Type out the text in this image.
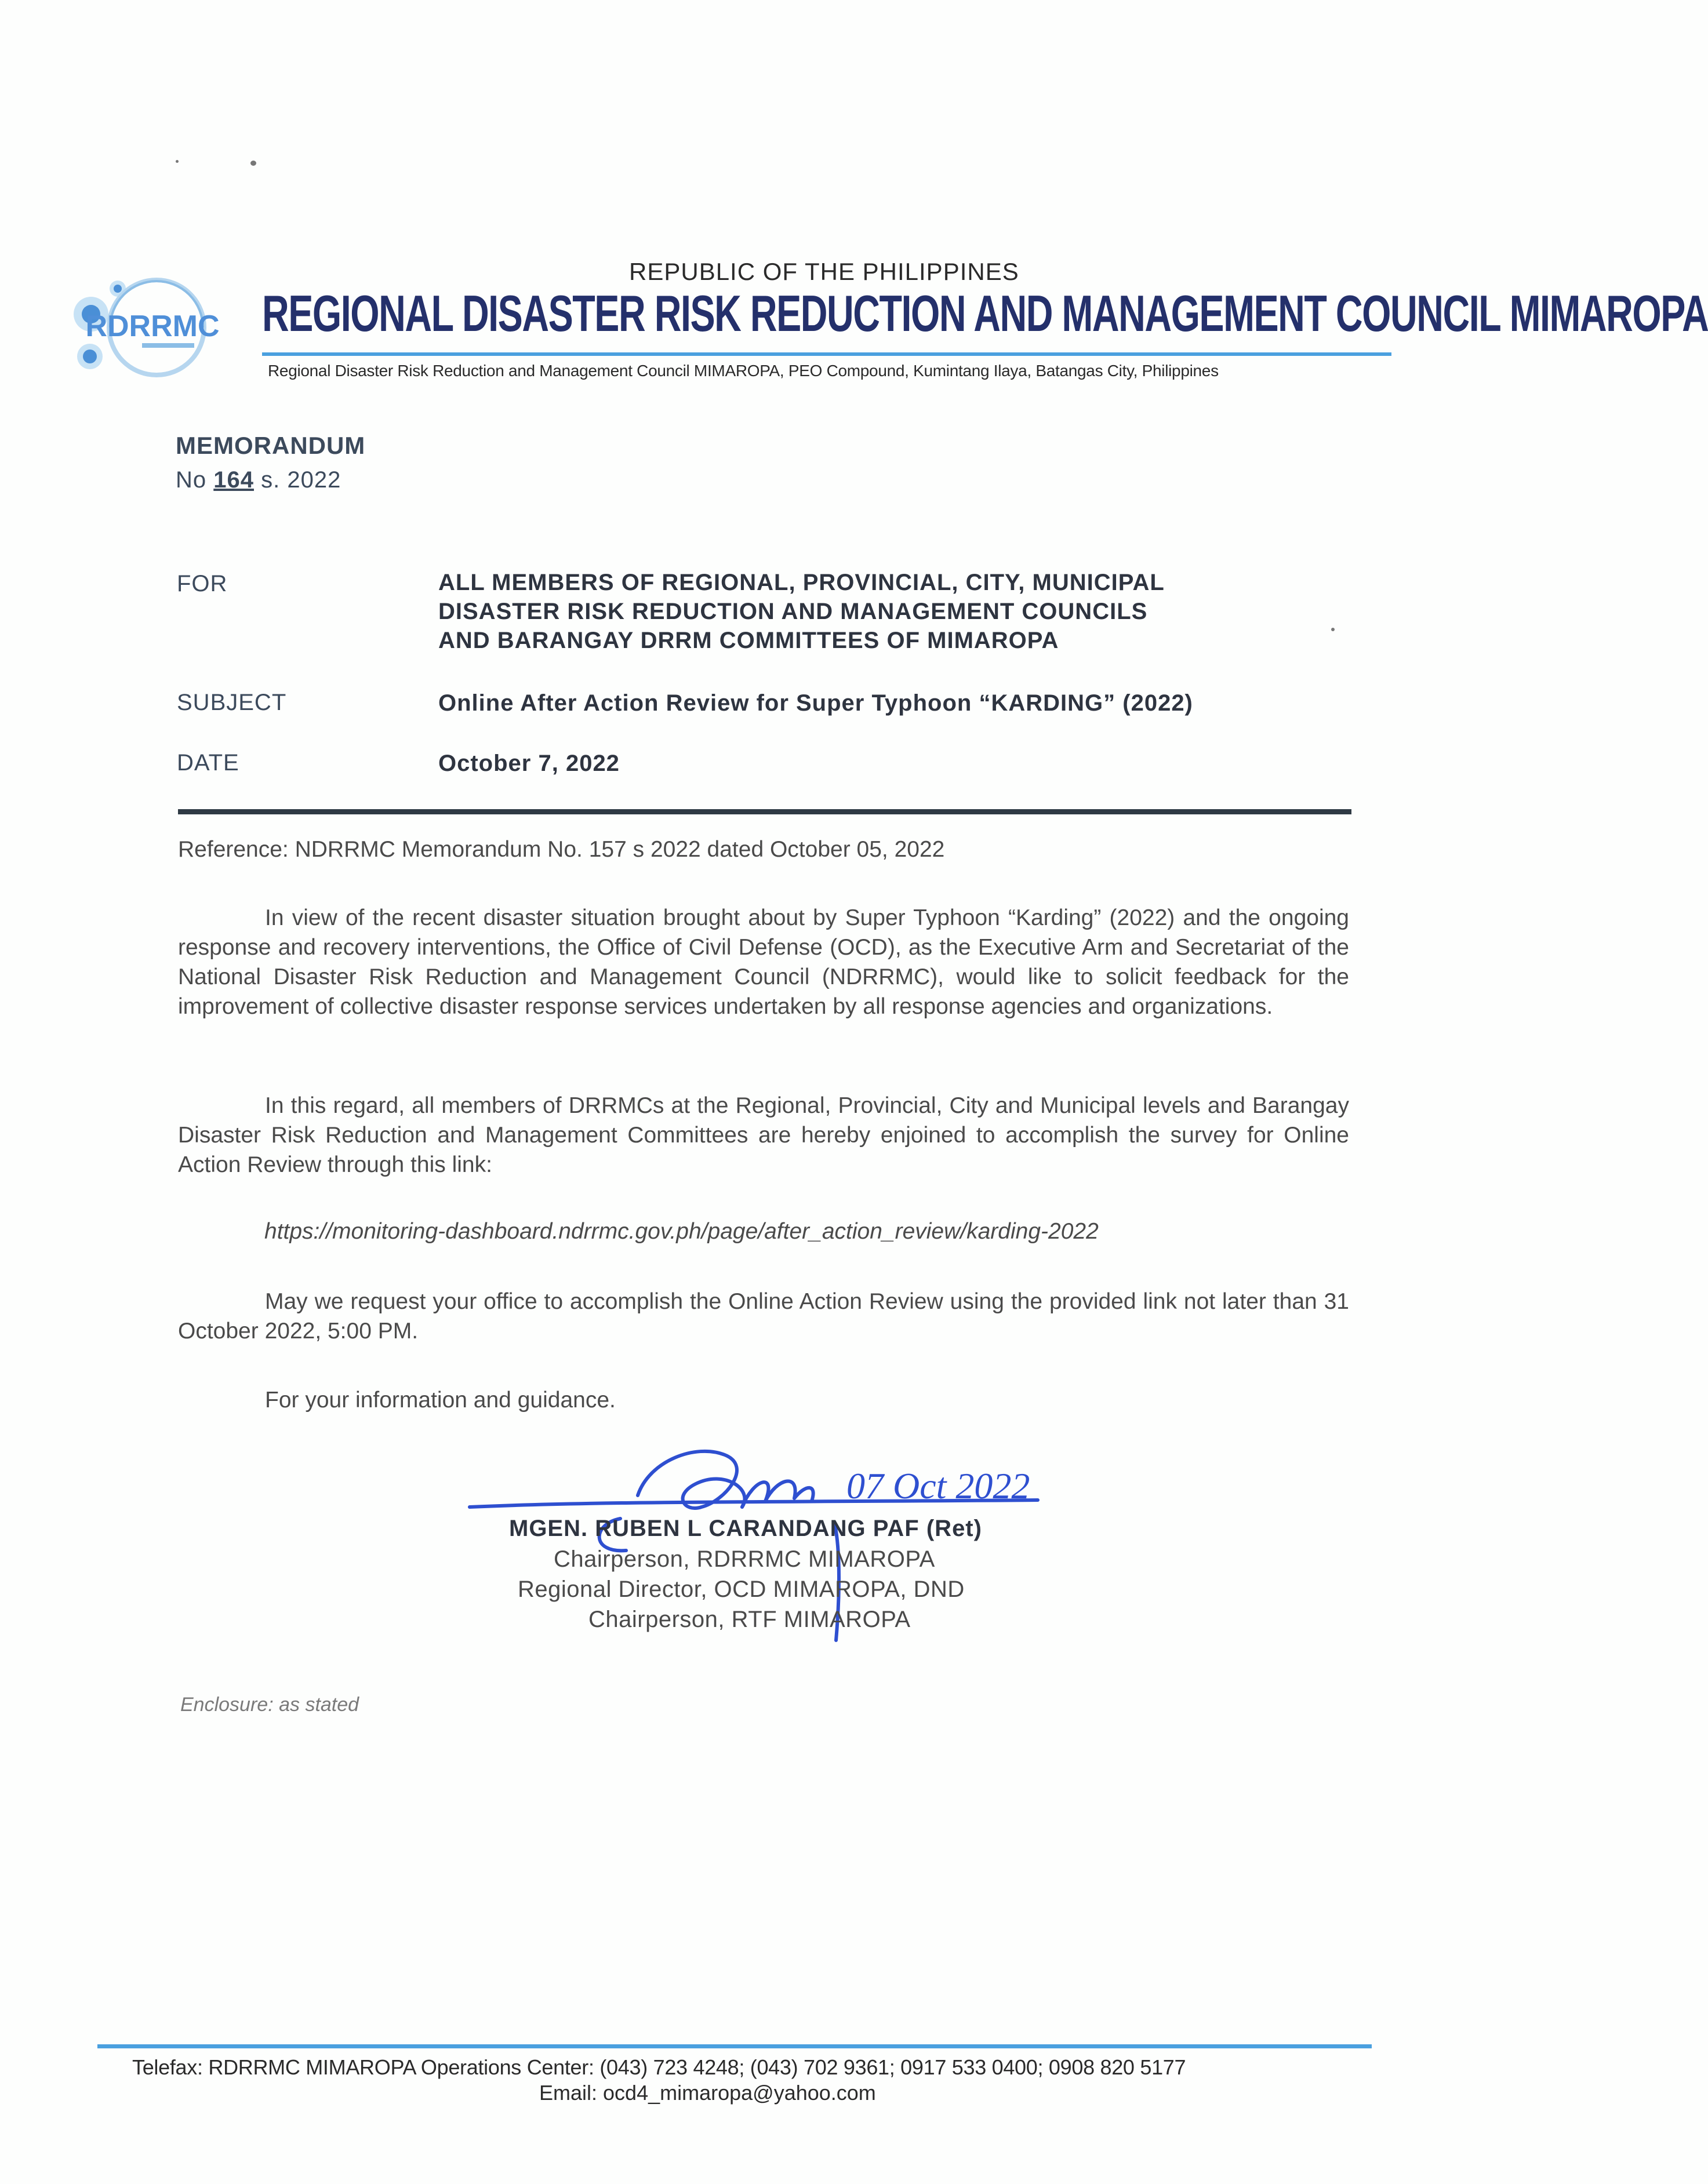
RDRRMC
REPUBLIC OF THE PHILIPPINES
REGIONAL DISASTER RISK REDUCTION AND MANAGEMENT COUNCIL MIMAROPA
Regional Disaster Risk Reduction and Management Council MIMAROPA, PEO Compound, Kumintang Ilaya, Batangas City, Philippines
MEMORANDUM
No 164 s. 2022
FOR	ALL MEMBERS OF REGIONAL, PROVINCIAL, CITY, MUNICIPAL
DISASTER RISK REDUCTION AND MANAGEMENT COUNCILS
AND BARANGAY DRRM COMMITTEES OF MIMAROPA
SUBJECT	Online After Action Review for Super Typhoon “KARDING” (2022)
DATE	October 7, 2022
Reference: NDRRMC Memorandum No. 157 s 2022 dated October 05, 2022
In view of the recent disaster situation brought about by Super Typhoon “Karding” (2022) and the ongoing response and recovery interventions, the Office of Civil Defense (OCD), as the Executive Arm and Secretariat of the National Disaster Risk Reduction and Management Council (NDRRMC), would like to solicit feedback for the improvement of collective disaster response services undertaken by all response agencies and organizations.
In this regard, all members of DRRMCs at the Regional, Provincial, City and Municipal levels and Barangay Disaster Risk Reduction and Management Committees are hereby enjoined to accomplish the survey for Online Action Review through this link:
https://monitoring-dashboard.ndrrmc.gov.ph/page/after_action_review/karding-2022
May we request your office to accomplish the Online Action Review using the provided link not later than 31 October 2022, 5:00 PM.
For your information and guidance.
07 Oct 2022
MGEN. RUBEN L CARANDANG PAF (Ret)
Chairperson, RDRRMC MIMAROPA
Regional Director, OCD MIMAROPA, DND
Chairperson, RTF MIMAROPA
Enclosure: as stated
Telefax: RDRRMC MIMAROPA Operations Center: (043) 723 4248; (043) 702 9361; 0917 533 0400; 0908 820 5177
Email: ocd4_mimaropa@yahoo.com
